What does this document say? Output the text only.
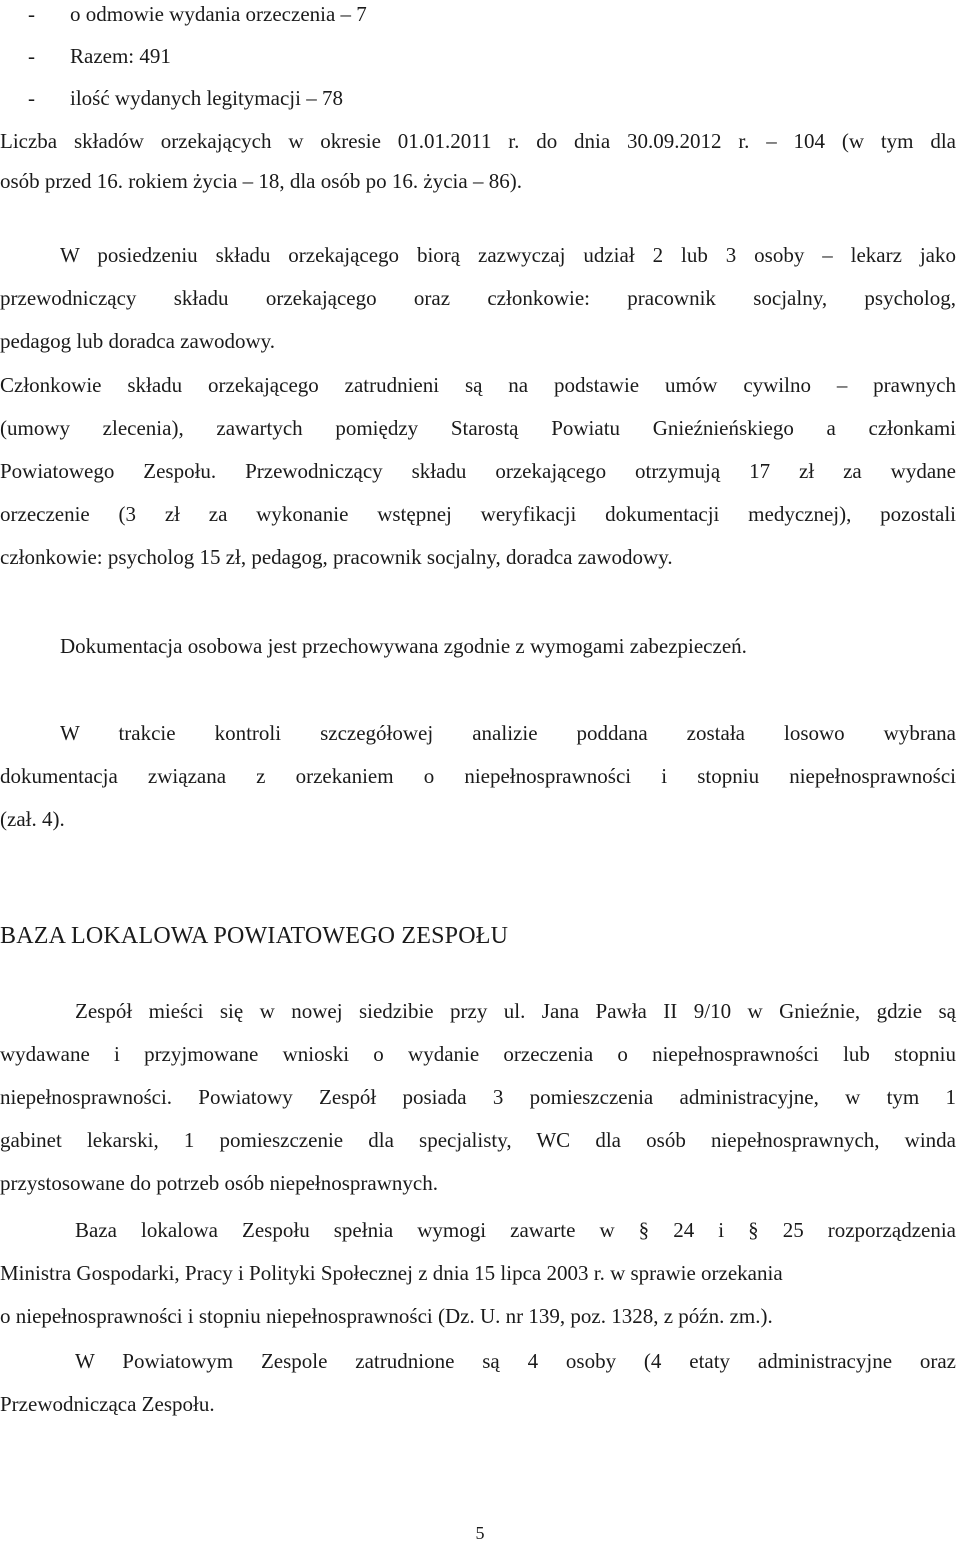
- o odmowie wydania orzeczenia – 7
- Razem: 491
- ilość wydanych legitymacji – 78
Liczba składów orzekających w okresie 01.01.2011 r. do dnia 30.09.2012 r. – 104 (w tym dla
osób przed 16. rokiem życia – 18, dla osób po 16. życia – 86).
W posiedzeniu składu orzekającego biorą zazwyczaj udział 2 lub 3 osoby – lekarz jako
przewodniczący składu orzekającego oraz członkowie: pracownik socjalny, psycholog,
pedagog lub doradca zawodowy.
Członkowie składu orzekającego zatrudnieni są na podstawie umów cywilno – prawnych
(umowy zlecenia), zawartych pomiędzy Starostą Powiatu Gnieźnieńskiego a członkami
Powiatowego Zespołu. Przewodniczący składu orzekającego otrzymują 17 zł za wydane
orzeczenie (3 zł za wykonanie wstępnej weryfikacji dokumentacji medycznej), pozostali
członkowie: psycholog 15 zł, pedagog, pracownik socjalny, doradca zawodowy.
Dokumentacja osobowa jest przechowywana zgodnie z wymogami zabezpieczeń.
W trakcie kontroli szczegółowej analizie poddana została losowo wybrana
dokumentacja związana z orzekaniem o niepełnosprawności i stopniu niepełnosprawności
(zał. 4).
BAZA LOKALOWA POWIATOWEGO ZESPOŁU
Zespół mieści się w nowej siedzibie przy ul. Jana Pawła II 9/10 w Gnieźnie, gdzie są
wydawane i przyjmowane wnioski o wydanie orzeczenia o niepełnosprawności lub stopniu
niepełnosprawności. Powiatowy Zespół posiada 3 pomieszczenia administracyjne, w tym 1
gabinet lekarski, 1 pomieszczenie dla specjalisty, WC dla osób niepełnosprawnych, winda
przystosowane do potrzeb osób niepełnosprawnych.
Baza lokalowa Zespołu spełnia wymogi zawarte w § 24 i § 25 rozporządzenia
Ministra Gospodarki, Pracy i Polityki Społecznej z dnia 15 lipca 2003 r. w sprawie orzekania
o niepełnosprawności i stopniu niepełnosprawności (Dz. U. nr 139, poz. 1328, z późn. zm.).
W Powiatowym Zespole zatrudnione są 4 osoby (4 etaty administracyjne oraz
Przewodnicząca Zespołu.
5
